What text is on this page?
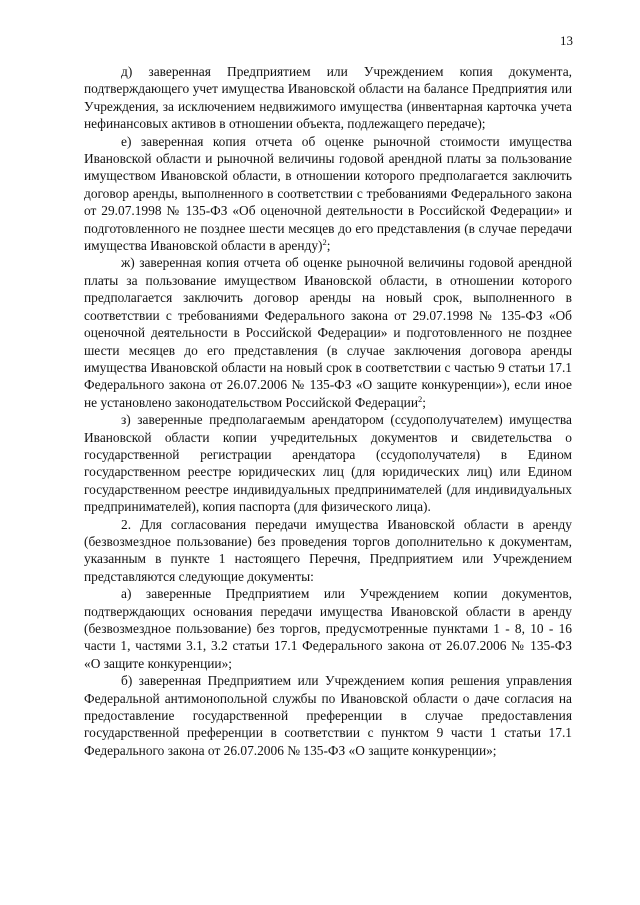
13

д) заверенная Предприятием или Учреждением копия документа, подтверждающего учет имущества Ивановской области на балансе Предприятия или Учреждения, за исключением недвижимого имущества (инвентарная карточка учета нефинансовых активов в отношении объекта, подлежащего передаче);

е) заверенная копия отчета об оценке рыночной стоимости имущества Ивановской области и рыночной величины годовой арендной платы за пользование имуществом Ивановской области, в отношении которого предполагается заключить договор аренды, выполненного в соответствии с требованиями Федерального закона от 29.07.1998 № 135-ФЗ «Об оценочной деятельности в Российской Федерации» и подготовленного не позднее шести месяцев до его представления (в случае передачи имущества Ивановской области в аренду)$^2$;

ж) заверенная копия отчета об оценке рыночной величины годовой арендной платы за пользование имуществом Ивановской области, в отношении которого предполагается заключить договор аренды на новый срок, выполненного в соответствии с требованиями Федерального закона от 29.07.1998 № 135-ФЗ «Об оценочной деятельности в Российской Федерации» и подготовленного не позднее шести месяцев до его представления (в случае заключения договора аренды имущества Ивановской области на новый срок в соответствии с частью 9 статьи 17.1 Федерального закона от 26.07.2006 № 135-ФЗ «О защите конкуренции»), если иное не установлено законодательством Российской Федерации$^2$;

з) заверенные предполагаемым арендатором (ссудополучателем) имущества Ивановской области копии учредительных документов и свидетельства о государственной регистрации арендатора (ссудополучателя) в Едином государственном реестре юридических лиц (для юридических лиц) или Едином государственном реестре индивидуальных предпринимателей (для индивидуальных предпринимателей), копия паспорта (для физического лица).

2. Для согласования передачи имущества Ивановской области в аренду (безвозмездное пользование) без проведения торгов дополнительно к документам, указанным в пункте 1 настоящего Перечня, Предприятием или Учреждением представляются следующие документы:

а) заверенные Предприятием или Учреждением копии документов, подтверждающих основания передачи имущества Ивановской области в аренду (безвозмездное пользование) без торгов, предусмотренные пунктами 1 - 8, 10 - 16 части 1, частями 3.1, 3.2 статьи 17.1 Федерального закона от 26.07.2006 № 135-ФЗ «О защите конкуренции»;

б) заверенная Предприятием или Учреждением копия решения управления Федеральной антимонопольной службы по Ивановской области о даче согласия на предоставление государственной преференции в случае предоставления государственной преференции в соответствии с пунктом 9 части 1 статьи 17.1 Федерального закона от 26.07.2006 № 135-ФЗ «О защите конкуренции»;
